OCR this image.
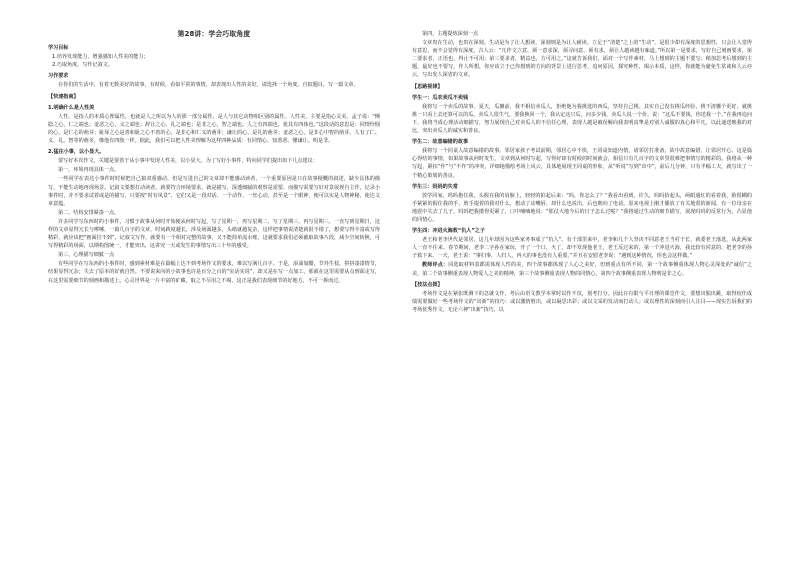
第28讲：学会巧取角度
学习目标
1.培养发现能力，增强感知人性美的能力；
2.巧取角度，写作记叙文。
习作要求
在你们的生活中，有着无数美好的故事，有时候，看似平常的事情，却表现出人性的美好。请选择一个角度，自拟题目，写一篇文章。
【快速指南】
1.明确什么是人性美
人性，是指人的本质心理属性，也就是人之所以为人的那一部分属性，是人与其它动物相区别的属性。人性美，主要是指心灵美。孟子说：“恻隐之心，仁之端也；羞恶之心，义之端也；辞让之心，礼之端也；是非之心，智之端也。人之有四端也，犹其有四体也。”这段话的意思是：同情怜悯的心，是仁心的萌芽；耻辱之心是善和耻之心不善的心，是非心和仁义的萌芽；谦让的心，是礼的萌芽；羞恶之心，是非心中智的萌芽。人有了仁、义、礼、智等的萌芽，像他有四肢一样。据此，我们可以把人性美理解为这样四种品质：有同情心、知善恶、懂谦让、明是非。
2.猛住小事，以小显大。
要写好本次作文，关键是要善于从小事中发现人性美，以小显大。为了写好小事件，特向同学们提出如下几点建议：
第一，环境再现具体一点。
一些同学在表达小事件时时候把自己搞双重感动，但是写进自己的文章却不能感动读者，一个重要原因是只在故事梗概的叙述，缺少具体的描写，不能生动地再现场景。记叙文要想打动读者，就要符合环境要求，就是描写，深透细腻的观察是需要，而描写需要写好对景展现自主作，记录小事件时，并不要求试着或是的描写，只要按“时有风景”，它们又是一段对话、一个动作、一丝心动，甚至是一个眼神，便可以实是人物神秘，使达文章意蕴。
第二，结构安排紧凑一点。
许多同学写东西时的小事件，习惯于故事从何时开始便从何时写起，写了星期一，再写星期二，写了星期三，再写星期三，一直写到星期日，这样的文章显得冗长与啰嗦，一篇几百字的文章，时间跨度越长，涉及场面越多，头绪就越复杂，这样把事情说清楚就很不错了，想要写得丰富或写得精彩，就应该把“画面拉不到”，记叙文写作，就要有一个相对完整的故事，又不能简单流水账，这就要求我们必须截取故事片段，减少空间转换，可写得精彩的场面，以期构图统一，才能突出，这讲究一天或发生的事情写出三十年的感受。
第三，心理描写细腻一点
有些同学在写东西的小事件时，感到素材难是在篇幅上达不到考场作文的要求，难以写满几百字。于是，添油加醋，节外生枝，拼拼凑凑情节，结果显得冗杂；失去了原本的好就自然。不要说来向的小故事也许是百分之百的“实话实说”，却又是在写一点加工，那就在这里需要从点到面走写，在这里需要细节的刻画和描述上。心灵世界是一片丰富的矿藏，取之不尽用之不竭，这正是我们表现细节的好地方，不可一拆而过。
第四，主题提炼深刻一点
文章贵在生动，也贵在深刻。生动是为了让人想读，深刻则是为让人耐读。立足于“清楚”之上的“生动”，是很少却有深度的思想性，只会让人觉得有意思，而不会觉得有深度，古人云：“凡作文立意，须一意求深，须寻问意，须有求，须让人越读越有味道。”所以第一是要求，写好自己刻画要求，第二要求者，正语也，得止不可用；第三要求者，精益也，方可用之。”这就告诉我们，面对一个写作素材，马上想到的主题不要写；稍加思考后想到的主题，最好也不要写，作人所想，你应该立于已你想到的方向的背景上进行思考，追问原因，探究种性，揭示本质，这样，你就能为避免生常谈和人云亦云，写出发人深省的文章。
【思路视律】
学生一：瓜农卖瓜不卖钱
我将写一个卖瓜的故事。夏天，瓜摊前，我不相信卖瓜人，拒绝他为我挑选的西瓜，坚持自己挑。其实自己没有挑瓜经验，挑不清哪个更好，就挑挑一只看上去还算可以的瓜，卖瓜人很生气，要我换回一个，我认定这只瓜，问多少钱，卖瓜人说一个价。说：“这瓜不要钱，你送我一个。”在我再追问下，我将当成心理活动细描写，努力展现自己对卖瓜人的不信任心理，表现人越是被误解向我表明真挚是对别人诚服的真心和平凡，以此递送映我的对比，突出卖瓜人的诚实和善良。
学生二：故意编错的故事
我将写一个同桌人故意编错的故事。邻居家孩子考试前期，邻居心中不快，王同桌知道内情，请邻居打准备，故中故意编错，让邻居开心。这是篇心得结的事情，如果故事从何时发生，文章到从何时写起，写得好却有时候的时间就会，相信只有几百字的文章里很难把事情写的精彩的。我将从一种写起，紧扣“作”与“不作”的冲突，详细地描绘考场上风云，具体地展现王同桌的形象，从“听说”写到“出中”，前后几分钟，只有半幅工夫，就写出了一个精心策划的善良。
学生三：妈妈的失常
放学回家，吗吗抱住我，头握在我的肩膀上，轻轻的拍起后来：“吗，你怎么了？”我看出看到，许久，吗吗抬起头，两眼通红的看着我，脸很糊的手紧紧的握住我的手，敖手提着的我对什么，想动了动嘴唇，却什么也说出，后也朝向了电话。原来电视上刚才播放了有关地震的新闻，有一位母亲在地震中失去了儿子。吗吗把我搂得更紧了，口中喃喃地说：“那仗大地今后的日子怎么过呢？”我将通过生动的细节描写，展现吗吗的反常行为，凸显他的同情心。
学生四：冲进火海救“仇人”之子
老王和老李世代是邻居，这几年却因为这些家务事成了“仇人”。有千部里来中，老李和几个人坚决不同意老王当村干长，就委老王落选，从此两家人一直不往来。春节期间，老李二字孙在家玩，开了一个口，火了，却不发现他老王，老王反过来的，第一个冲进火海，我比较有同意的，把老李的孙子救下来。一天，老王说：“事归事，人归人，再大的事也没有人重要。”并且在安慰老李说：“遇到这种情况，你也会这样做。”
教师评点：同选取材料表都需体现人性的美，四个故事都体现了人心之美好，但到重点有所不同，第一个故事侧重体现人物心灵深处的“诚信”之美，第二个故事侧重表现人物爱人之美的精神，第三个故事侧重表现人物的同情心，第四个故事侧重表现人物明是非之心。
【技法点拨】
考场作文是在紧张既测下的急就文作，考后由语文教学本掌时以作不仅，划考打分。因此在有限与平日理的课堂作文，要想出独出跳，取得较佳成绩需要做好一些考场作文的“出新”的技巧：或以激情胜出，或以凝思出彩；或以文采的发动而打动人；或以理性的深刻而引人注目——现实告诉我们的考场优秀作文，无论六神“出新”技巧，以
